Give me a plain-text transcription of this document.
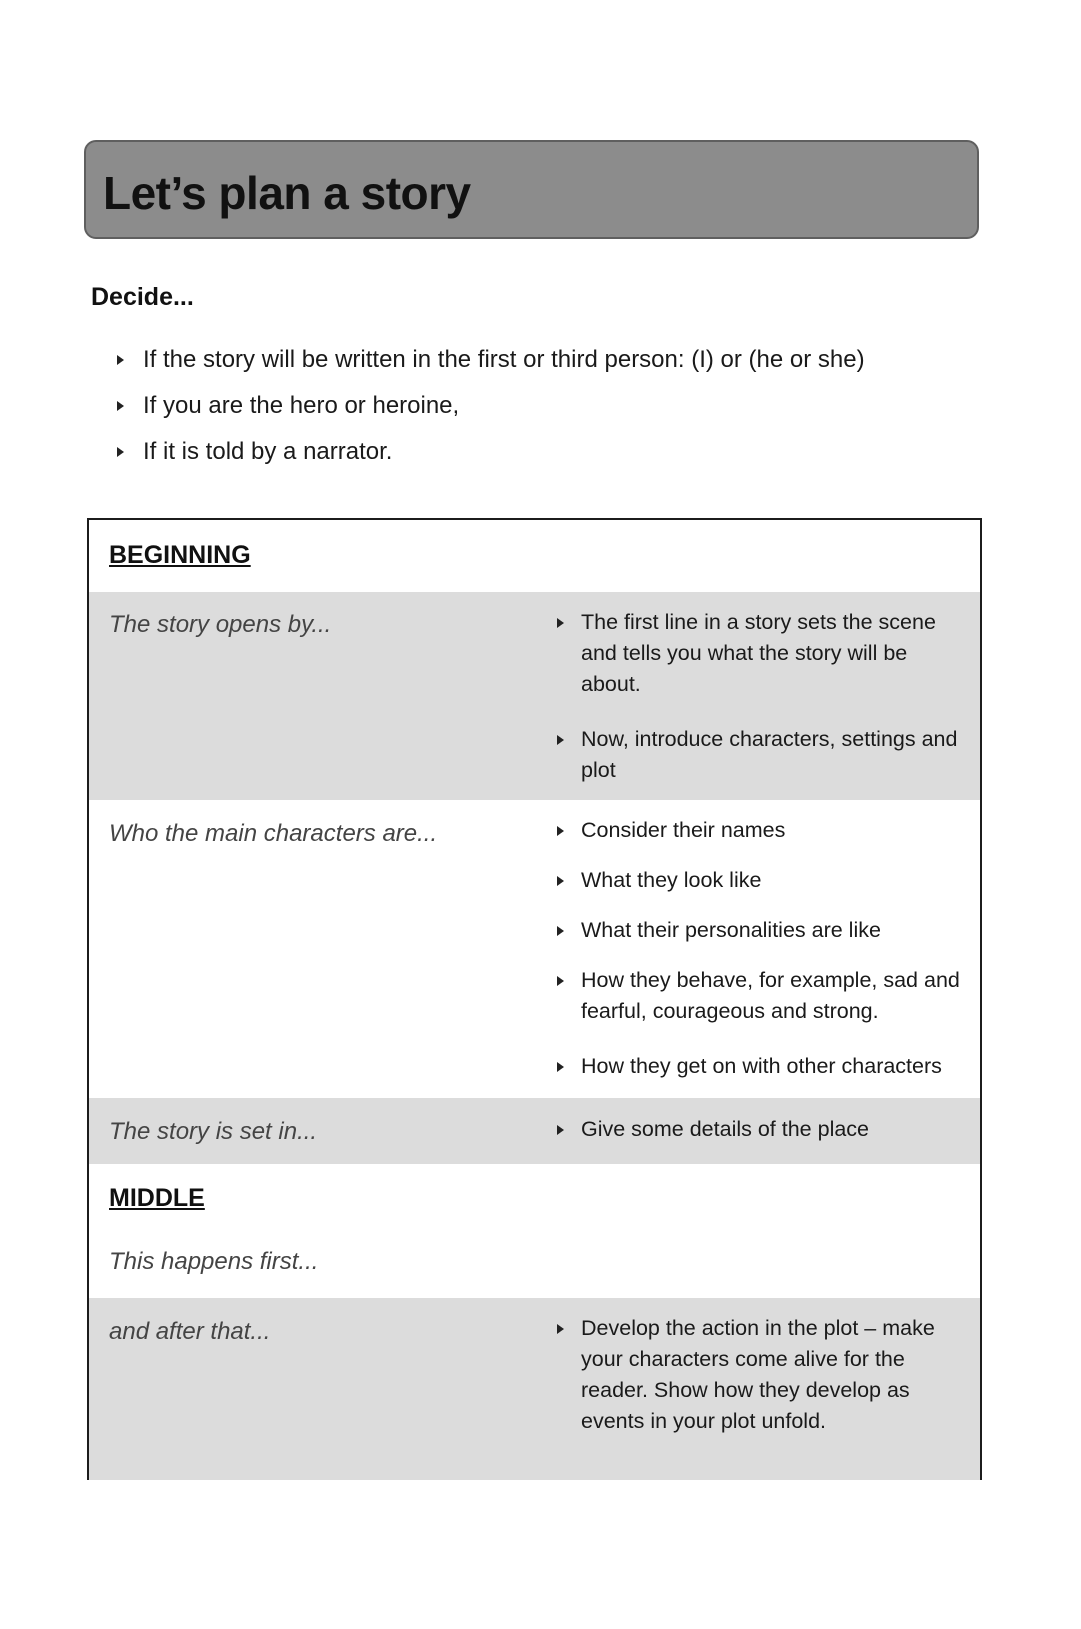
Let’s plan a story
Decide...
If the story will be written in the first or third person: (I) or (he or she)
If you are the hero or heroine,
If it is told by a narrator.
BEGINNING
The story opens by...	The first line in a story sets the scene and tells you what the story will be about.
Now, introduce characters, settings and plot
Who the main characters are...	Consider their names
What they look like
What their personalities are like
How they behave, for example, sad and fearful, courageous and strong.
How they get on with other characters
The story is set in...	Give some details of the place
MIDDLE
This happens first...
and after that...	Develop the action in the plot – make your characters come alive for the reader. Show how they develop as events in your plot unfold.
